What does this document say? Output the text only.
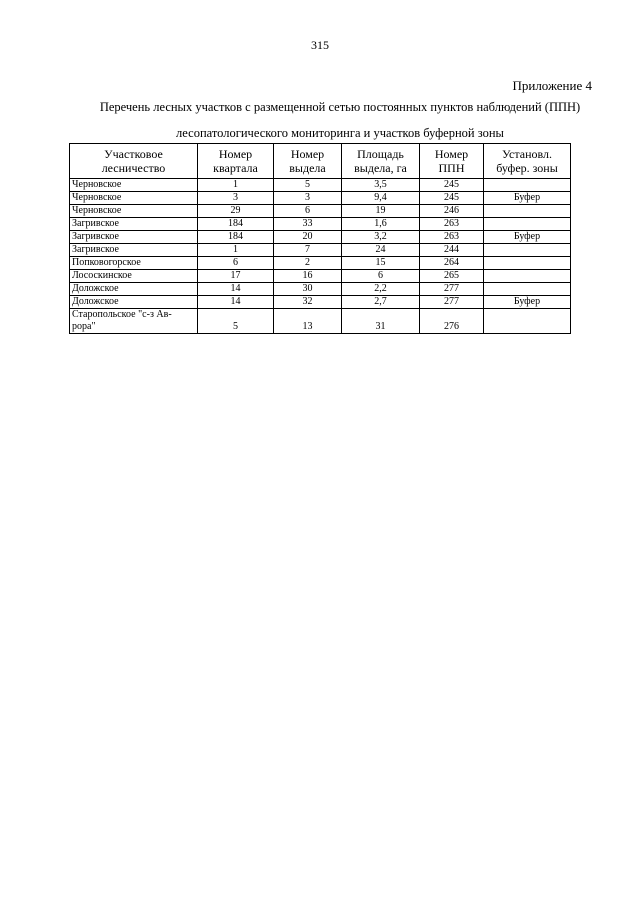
315
Приложение 4
Перечень лесных участков с размещенной сетью постоянных пунктов наблюдений (ППН)
лесопатологического мониторинга и участков буферной зоны
Участковое лесничество	Номер квартала	Номер выдела	Площадь выдела, га	Номер ППН	Установл. буфер. зоны
Черновское	1	5	3,5	245	
Черновское	3	3	9,4	245	Буфер
Черновское	29	6	19	246	
Загривское	184	33	1,6	263	
Загривское	184	20	3,2	263	Буфер
Загривское	1	7	24	244	
Попковогорское	6	2	15	264	
Лососкинское	17	16	6	265	
Доложское	14	30	2,2	277	
Доложское	14	32	2,7	277	Буфер
Старопольское "с-з Ав-рора"	5	13	31	276	
